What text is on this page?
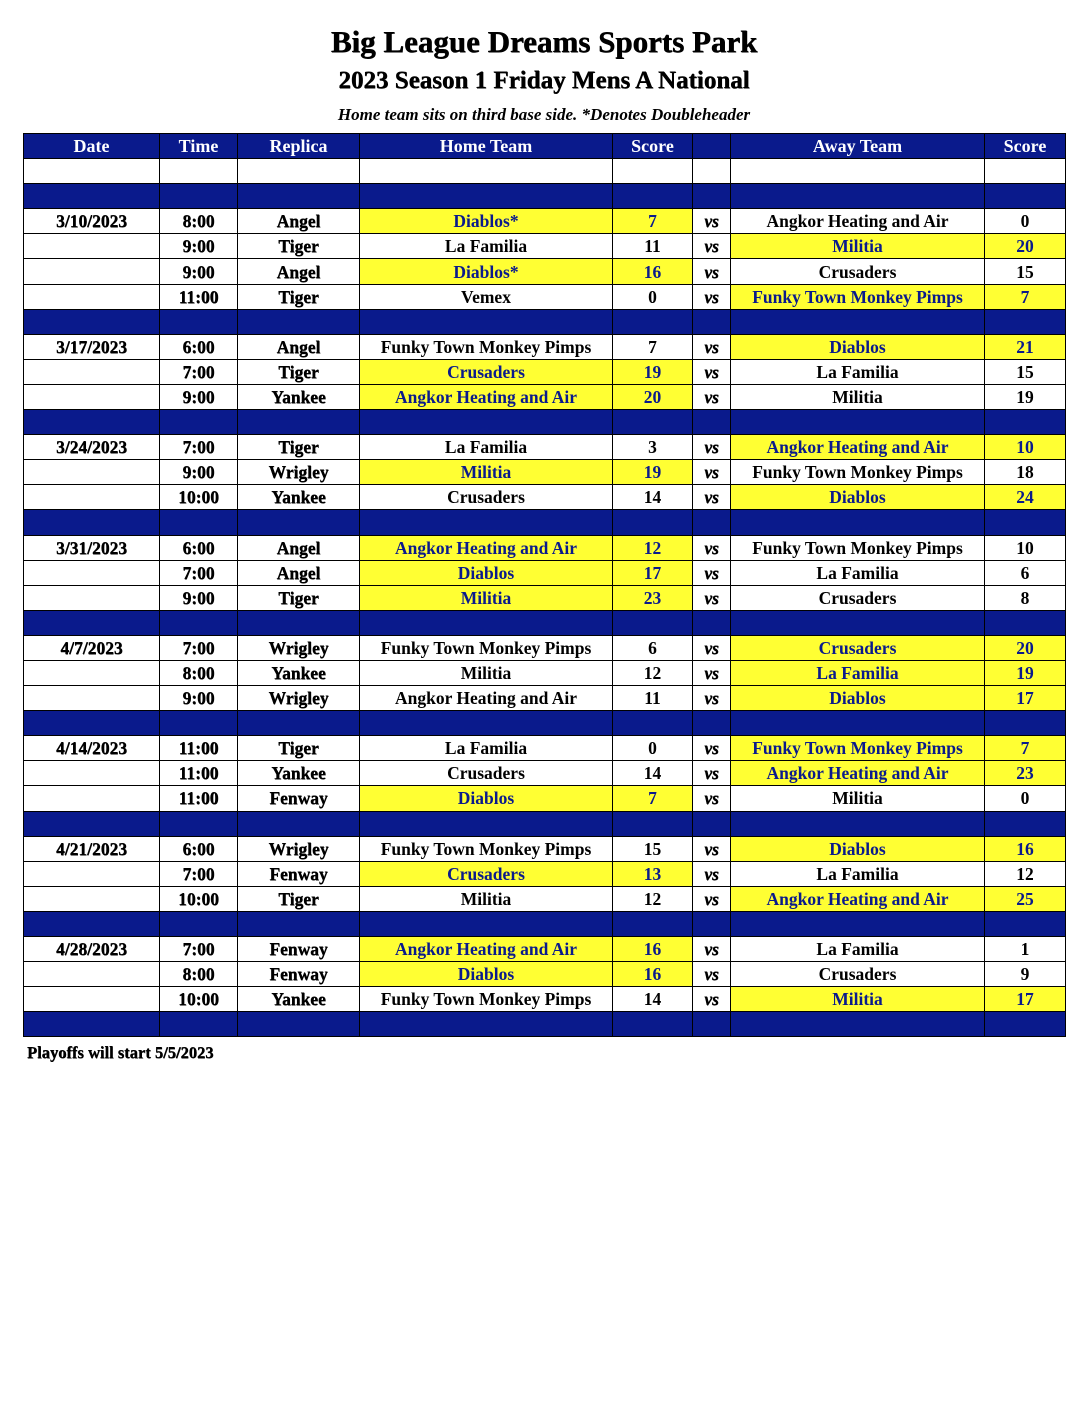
Big League Dreams Sports Park
2023 Season 1 Friday Mens A National
Home team sits on third base side. *Denotes Doubleheader
Date	Time	Replica	Home Team	Score		Away Team	Score

3/10/2023	8:00	Angel	Diablos*	7	vs	Angkor Heating and Air	0
	9:00	Tiger	La Familia	11	vs	Militia	20
	9:00	Angel	Diablos*	16	vs	Crusaders	15
	11:00	Tiger	Vemex	0	vs	Funky Town Monkey Pimps	7

3/17/2023	6:00	Angel	Funky Town Monkey Pimps	7	vs	Diablos	21
	7:00	Tiger	Crusaders	19	vs	La Familia	15
	9:00	Yankee	Angkor Heating and Air	20	vs	Militia	19

3/24/2023	7:00	Tiger	La Familia	3	vs	Angkor Heating and Air	10
	9:00	Wrigley	Militia	19	vs	Funky Town Monkey Pimps	18
	10:00	Yankee	Crusaders	14	vs	Diablos	24

3/31/2023	6:00	Angel	Angkor Heating and Air	12	vs	Funky Town Monkey Pimps	10
	7:00	Angel	Diablos	17	vs	La Familia	6
	9:00	Tiger	Militia	23	vs	Crusaders	8

4/7/2023	7:00	Wrigley	Funky Town Monkey Pimps	6	vs	Crusaders	20
	8:00	Yankee	Militia	12	vs	La Familia	19
	9:00	Wrigley	Angkor Heating and Air	11	vs	Diablos	17

4/14/2023	11:00	Tiger	La Familia	0	vs	Funky Town Monkey Pimps	7
	11:00	Yankee	Crusaders	14	vs	Angkor Heating and Air	23
	11:00	Fenway	Diablos	7	vs	Militia	0

4/21/2023	6:00	Wrigley	Funky Town Monkey Pimps	15	vs	Diablos	16
	7:00	Fenway	Crusaders	13	vs	La Familia	12
	10:00	Tiger	Militia	12	vs	Angkor Heating and Air	25

4/28/2023	7:00	Fenway	Angkor Heating and Air	16	vs	La Familia	1
	8:00	Fenway	Diablos	16	vs	Crusaders	9
	10:00	Yankee	Funky Town Monkey Pimps	14	vs	Militia	17

Playoffs will start 5/5/2023
